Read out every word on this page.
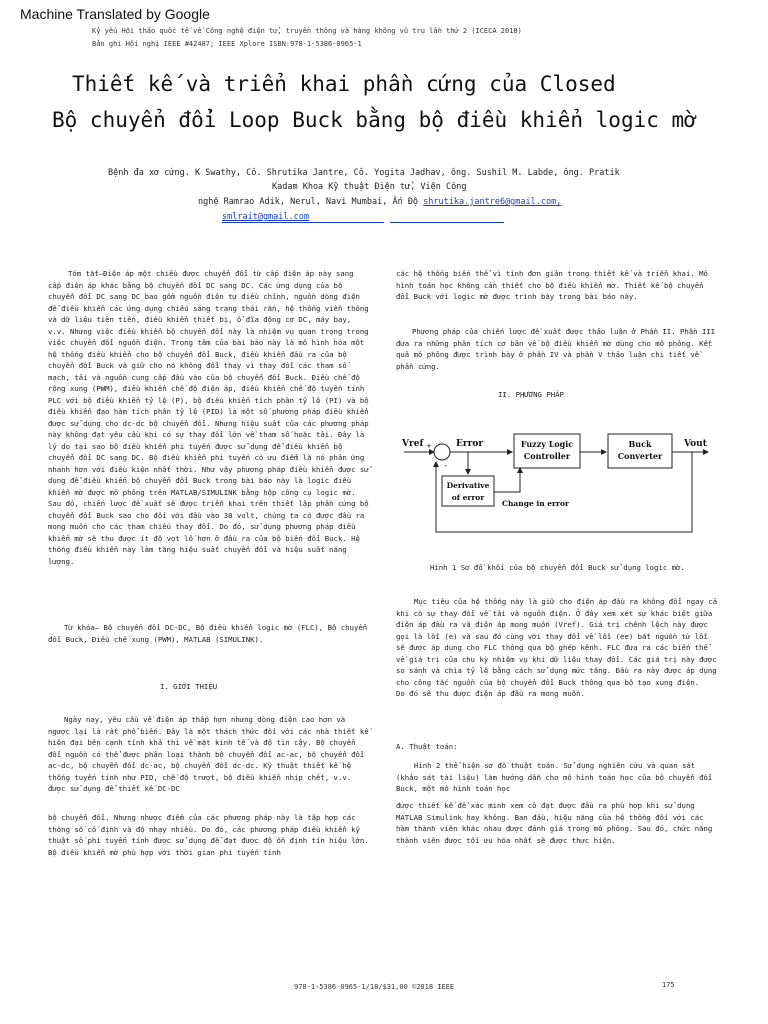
Machine Translated by Google
Kỷ yếu Hội thảo quốc tế về Công nghệ điện tử, truyền thông và hàng không vũ trụ lần thứ 2 (ICECA 2018)
Bản ghi Hội nghị IEEE #42487; IEEE Xplore ISBN:978-1-5386-0965-1
Thiết kế và triển khai phần cứng của Closed
Bộ chuyển đổi Loop Buck bằng bộ điều khiển logic mờ
Bệnh đa xơ cứng. K Swathy, Cô. Shrutika Jantre, Cô. Yogita Jadhav, ông. Sushil M. Labde, ông. Pratik
Kadam Khoa Kỹ thuật Điện tử, Viện Công
nghệ Ramrao Adik, Nerul, Navi Mumbai, Ấn Độ shrutika.jantre6@gmail.com,
smlrait@gmail.com

Tóm tắt—Điện áp một chiều được chuyển đổi từ cấp điện áp này sang cấp điện áp khác bằng bộ chuyển đổi DC sang DC. Các ứng dụng của bộ chuyển đổi DC sang DC bao gồm nguồn điện tự điều chỉnh, nguồn dòng điện để điều khiển các ứng dụng chiếu sáng trạng thái rắn, hệ thống viễn thông và dữ liệu tiên tiến, điều khiển thiết bị, ổ đĩa động cơ DC, máy bay, v.v. Nhưng việc điều khiển bộ chuyển đổi này là nhiệm vụ quan trọng trong việc chuyển đổi nguồn điện. Trọng tâm của bài báo này là mô hình hóa một hệ thống điều khiển cho bộ chuyển đổi Buck, điều khiển đầu ra của bộ chuyển đổi Buck và giữ cho nó không đổi thay vì thay đổi các tham số mạch, tải và nguồn cung cấp đầu vào của bộ chuyển đổi Buck. Điều chế độ rộng xung (PWM), điều khiển chế độ điện áp, điều khiển chế độ tuyến tính PLC với bộ điều khiển tỷ lệ (P), bộ điều khiển tích phân tỷ lệ (PI) và bộ điều khiển đạo hàm tích phân tỷ lệ (PID) là một số phương pháp điều khiển được sử dụng cho dc-dc bộ chuyển đổi. Nhưng hiệu suất của các phương pháp này không đạt yêu cầu khi có sự thay đổi lớn về tham số hoặc tải. Đây là lý do tại sao bộ điều khiển phi tuyến được sử dụng để điều khiển bộ chuyển đổi DC sang DC. Bộ điều khiển phi tuyến có ưu điểm là nó phản ứng nhanh hơn với điều kiện nhất thời. Như vậy phương pháp điều khiển được sử dụng để điều khiển bộ chuyển đổi Buck trong bài báo này là logic điều khiển mờ được mô phỏng trên MATLAB/SIMULINK bằng hộp công cụ logic mờ. Sau đó, chiến lược đề xuất sẽ được triển khai trên thiết lập phần cứng bộ chuyển đổi Buck sao cho đối với đầu vào 30 volt, chúng ta có được đầu ra mong muốn cho các tham chiếu thay đổi. Do đó, sử dụng phương pháp điều khiển mờ sẽ thu được ít độ vọt lố hơn ở đầu ra của bộ biến đổi Buck. Hệ thống điều khiển này làm tăng hiệu suất chuyển đổi và hiệu suất năng lượng.

Từ khóa— Bộ chuyển đổi DC-DC, Bộ điều khiển logic mờ (FLC), Bộ chuyển đổi Buck, Điều chế xung (PWM), MATLAB (SIMULINK).

I. GIỚI THIỆU

Ngày nay, yêu cầu về điện áp thấp hơn nhưng dòng điện cao hơn và ngược lại là rất phổ biến. Đây là một thách thức đối với các nhà thiết kế hiện đại bên cạnh tính khả thi về mặt kinh tế và độ tin cậy. Bộ chuyển đổi nguồn có thể được phân loại thành bộ chuyển đổi ac-ac, bộ chuyển đổi ac-dc, bộ chuyển đổi dc-ac, bộ chuyển đổi dc-dc. Kỹ thuật thiết kế hệ thống tuyến tính như PID, chế độ trượt, bộ điều khiển nhịp chết, v.v. được sử dụng để thiết kế DC-DC

bộ chuyển đổi. Nhưng nhược điểm của các phương pháp này là tập hợp các thông số cố định và độ nhạy nhiều. Do đó, các phương pháp điều khiển kỹ thuật số phi tuyến tính được sử dụng để đạt được độ ổn định tín hiệu lớn. Bộ điều khiển mờ phù hợp với thời gian phi tuyến tính

các hệ thống biến thể vì tính đơn giản trong thiết kế và triển khai. Mô hình toán học không cần thiết cho bộ điều khiển mờ. Thiết kế bộ chuyển đổi Buck với logic mờ được trình bày trong bài báo này.

Phương pháp của chiến lược đề xuất được thảo luận ở Phần II. Phần III đưa ra những phân tích cơ bản về bộ điều khiển mờ dùng cho mô phỏng. Kết quả mô phỏng được trình bày ở phần IV và phần V thảo luận chi tiết về phần cứng.

II. PHƯƠNG PHÁP
Vref +
-
Error	Fuzzy Logic
Controller
Buck
Converter
Vout
Derivative
of error
Change in error
Hình 1 Sơ đồ khối của bộ chuyển đổi Buck sử dụng logic mờ.

Mục tiêu của hệ thống này là giữ cho điện áp đầu ra không đổi ngay cả khi có sự thay đổi về tải và nguồn điện. Ở đây xem xét sự khác biệt giữa điện áp đầu ra và điện áp mong muốn (Vref). Giá trị chênh lệch này được gọi là lỗi (e) và sau đó cùng với thay đổi về lỗi (ee) bắt nguồn từ lỗi sẽ được áp dụng cho FLC thông qua bộ ghép kênh. FLC đưa ra các biến thể về giá trị của chu kỳ nhiệm vụ khi dữ liệu thay đổi. Các giá trị này được so sánh và chia tỷ lệ bằng cách sử dụng mức tăng. Đầu ra này được áp dụng cho công tắc nguồn của bộ chuyển đổi Buck thông qua bộ tạo xung điện.

Do đó sẽ thu được điện áp đầu ra mong muốn.

A. Thuật toán:

Hình 2 thể hiện sơ đồ thuật toán. Sử dụng nghiên cứu và quan sát (khảo sát tài liệu) làm hướng dẫn cho mô hình toán học của bộ chuyển đổi Buck, một mô hình toán học

được thiết kế để xác minh xem cô đạt được đầu ra phù hợp khi sử dụng MATLAB Simulink hay không. Ban đầu, hiệu năng của hệ thống đối với các hàm thành viên khác nhau được đánh giá trong mô phỏng. Sau đó, chức năng thành viên được tối ưu hóa nhất sẽ được thực hiện.

978-1-5386-0965-1/18/$31,00 ©2018 IEEE	175
